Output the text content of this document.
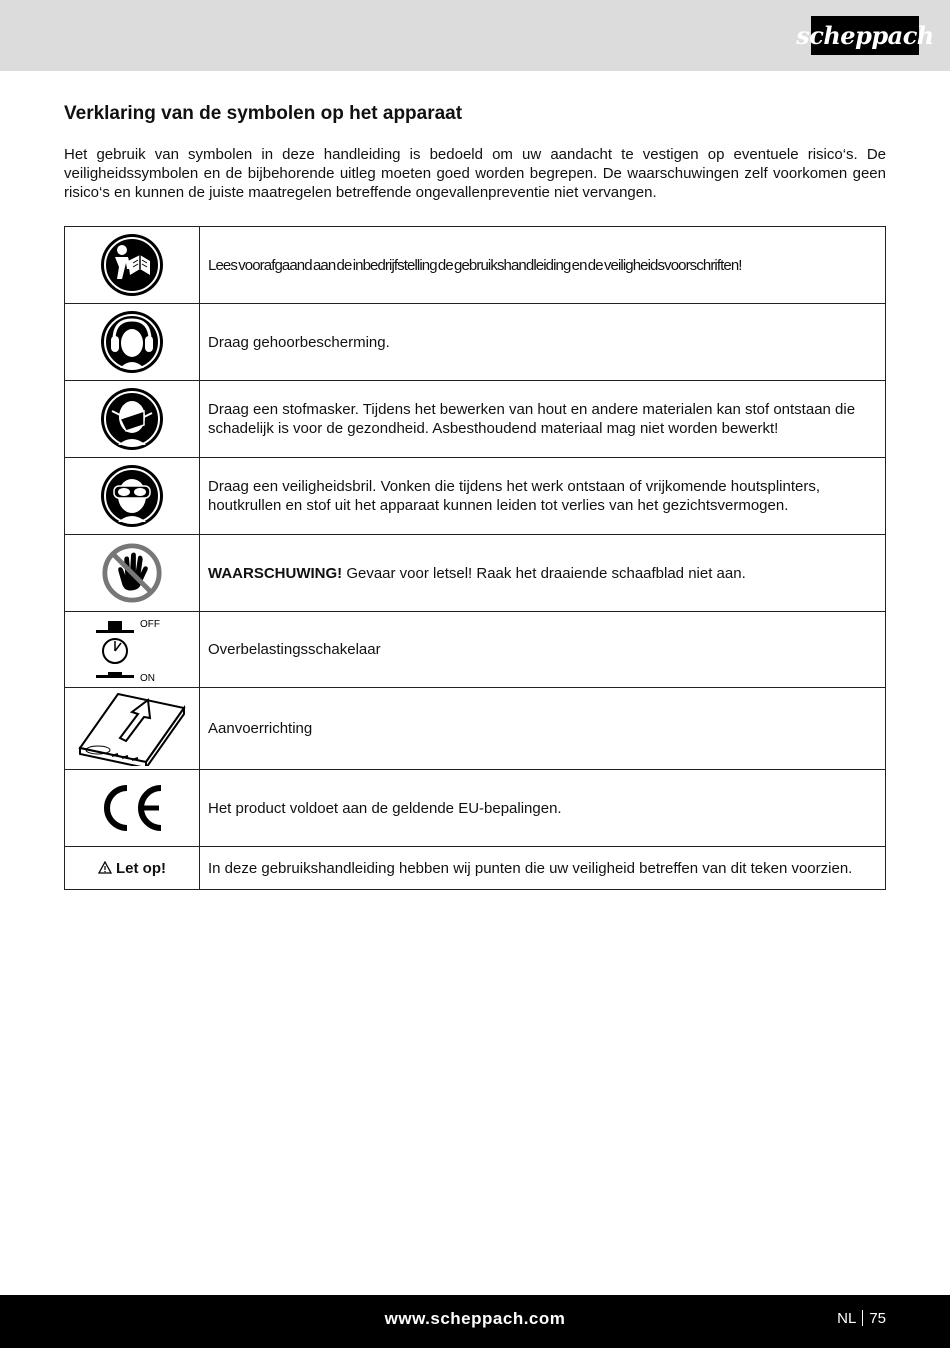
scheppach
Verklaring van de symbolen op het apparaat

Het gebruik van symbolen in deze handleiding is bedoeld om uw aandacht te vestigen op eventuele risico‘s. De veiligheidssymbolen en de bijbehorende uitleg moeten goed worden begrepen. De waarschuwingen zelf voorkomen geen risico‘s en kunnen de juiste maatregelen betreffende ongevallenpreventie niet vervangen.

	Lees voorafgaand aan de inbedrijfstelling de gebruikshandleiding en de veiligheidsvoorschriften!

	Draag gehoorbescherming.

	Draag een stofmasker. Tijdens het bewerken van hout en andere materialen kan stof ontstaan die schadelijk is voor de gezondheid. Asbesthoudend materiaal mag niet worden bewerkt!

	Draag een veiligheidsbril. Vonken die tijdens het werk ontstaan of vrijkomende houtsplinters, houtkrullen en stof uit het apparaat kunnen leiden tot verlies van het gezichtsvermogen.

	WAARSCHUWING! Gevaar voor letsel! Raak het draaiende schaafblad niet aan.

OFF
ON	Overbelastingsschakelaar

	Aanvoerrichting

	Het product voldoet aan de geldende EU-bepalingen.
Let op!	In deze gebruikshandleiding hebben wij punten die uw veiligheid betreffen van dit teken voorzien.
www.scheppach.com	NL 75
